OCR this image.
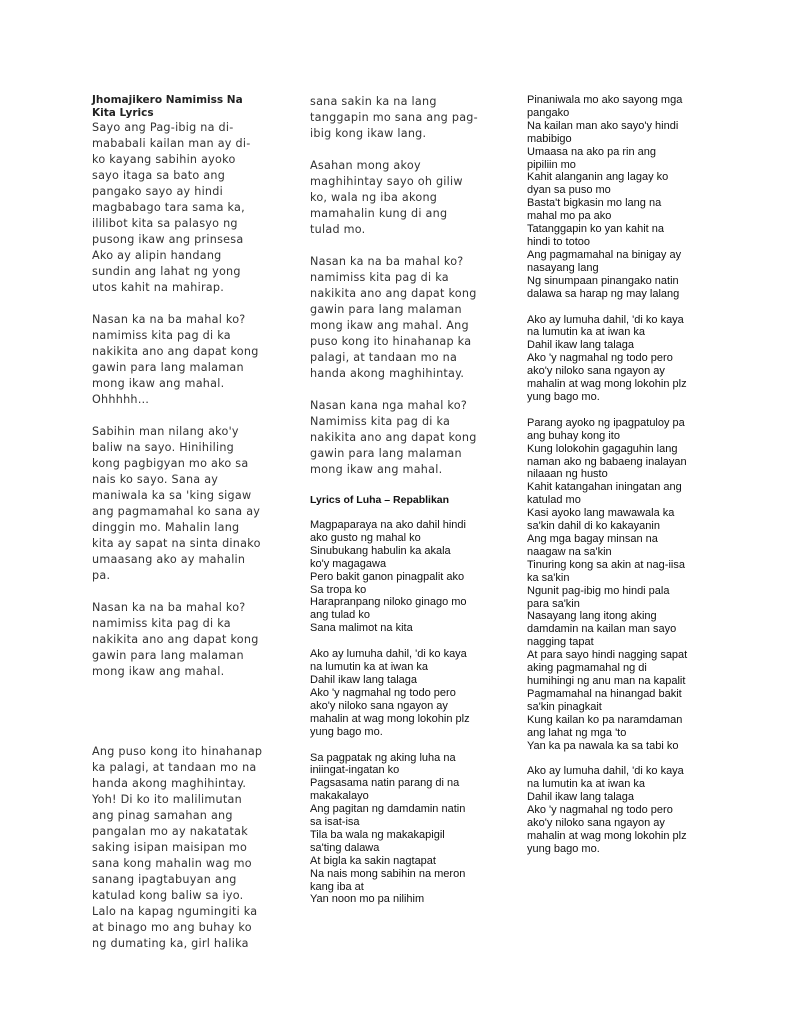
Jhomajikero Namimiss Na Kita Lyrics

Sayo ang Pag-ibig na di-
mababali kailan man ay di-
ko kayang sabihin ayoko
sayo itaga sa bato ang
pangako sayo ay hindi
magbabago tara sama ka,
ililibot kita sa palasyo ng
pusong ikaw ang prinsesa
Ako ay alipin handang
sundin ang lahat ng yong
utos kahit na mahirap.

Nasan ka na ba mahal ko?
namimiss kita pag di ka
nakikita ano ang dapat kong
gawin para lang malaman
mong ikaw ang mahal.
Ohhhhh…

Sabihin man nilang ako'y
baliw na sayo. Hinihiling
kong pagbigyan mo ako sa
nais ko sayo. Sana ay
maniwala ka sa 'king sigaw
ang pagmamahal ko sana ay
dinggin mo. Mahalin lang
kita ay sapat na sinta dinako
umaasang ako ay mahalin
pa.

Nasan ka na ba mahal ko?
namimiss kita pag di ka
nakikita ano ang dapat kong
gawin para lang malaman
mong ikaw ang mahal.

Ang puso kong ito hinahanap
ka palagi, at tandaan mo na
handa akong maghihintay.
Yoh! Di ko ito malilimutan
ang pinag samahan ang
pangalan mo ay nakatatak
saking isipan maisipan mo
sana kong mahalin wag mo
sanang ipagtabuyan ang
katulad kong baliw sa iyo.
Lalo na kapag ngumingiti ka
at binago mo ang buhay ko
ng dumating ka, girl halika

sana sakin ka na lang
tanggapin mo sana ang pag-
ibig kong ikaw lang.

Asahan mong akoy
maghihintay sayo oh giliw
ko, wala ng iba akong
mamahalin kung di ang
tulad mo.

Nasan ka na ba mahal ko?
namimiss kita pag di ka
nakikita ano ang dapat kong
gawin para lang malaman
mong ikaw ang mahal. Ang
puso kong ito hinahanap ka
palagi, at tandaan mo na
handa akong maghihintay.

Nasan kana nga mahal ko?
Namimiss kita pag di ka
nakikita ano ang dapat kong
gawin para lang malaman
mong ikaw ang mahal.

Lyrics of Luha – Repablikan

Magpaparaya na ako dahil hindi
ako gusto ng mahal ko
Sinubukang habulin ka akala
ko'y magagawa
Pero bakit ganon pinagpalit ako
Sa tropa ko
Harapranpang niloko ginago mo
ang tulad ko
Sana malimot na kita

Ako ay lumuha dahil, 'di ko kaya
na lumutin ka at iwan ka
Dahil ikaw lang talaga
Ako 'y nagmahal ng todo pero
ako'y niloko sana ngayon ay
mahalin at wag mong lokohin plz
yung bago mo.

Sa pagpatak ng aking luha na
iniingat-ingatan ko
Pagsasama natin parang di na
makakalayo
Ang pagitan ng damdamin natin
sa isat-isa
Tila ba wala ng makakapigil
sa'ting dalawa
At bigla ka sakin nagtapat
Na nais mong sabihin na meron
kang iba at
Yan noon mo pa nilihim

Pinaniwala mo ako sayong mga
pangako
Na kailan man ako sayo'y hindi
mabibigo
Umaasa na ako pa rin ang
pipiliin mo
Kahit alanganin ang lagay ko
dyan sa puso mo
Basta't bigkasin mo lang na
mahal mo pa ako
Tatanggapin ko yan kahit na
hindi to totoo
Ang pagmamahal na binigay ay
nasayang lang
Ng sinumpaan pinangako natin
dalawa sa harap ng may lalang

Ako ay lumuha dahil, 'di ko kaya
na lumutin ka at iwan ka
Dahil ikaw lang talaga
Ako 'y nagmahal ng todo pero
ako'y niloko sana ngayon ay
mahalin at wag mong lokohin plz
yung bago mo.

Parang ayoko ng ipagpatuloy pa
ang buhay kong ito
Kung lolokohin gagaguhin lang
naman ako ng babaeng inalayan
nilaaan ng husto
Kahit katangahan iningatan ang
katulad mo
Kasi ayoko lang mawawala ka
sa'kin dahil di ko kakayanin
Ang mga bagay minsan na
naagaw na sa'kin
Tinuring kong sa akin at nag-iisa
ka sa'kin
Ngunit pag-ibig mo hindi pala
para sa'kin
Nasayang lang itong aking
damdamin na kailan man sayo
nagging tapat
At para sayo hindi nagging sapat
aking pagmamahal ng di
humihingi ng anu man na kapalit
Pagmamahal na hinangad bakit
sa'kin pinagkait
Kung kailan ko pa naramdaman
ang lahat ng mga 'to
Yan ka pa nawala ka sa tabi ko

Ako ay lumuha dahil, 'di ko kaya
na lumutin ka at iwan ka
Dahil ikaw lang talaga
Ako 'y nagmahal ng todo pero
ako'y niloko sana ngayon ay
mahalin at wag mong lokohin plz
yung bago mo.
